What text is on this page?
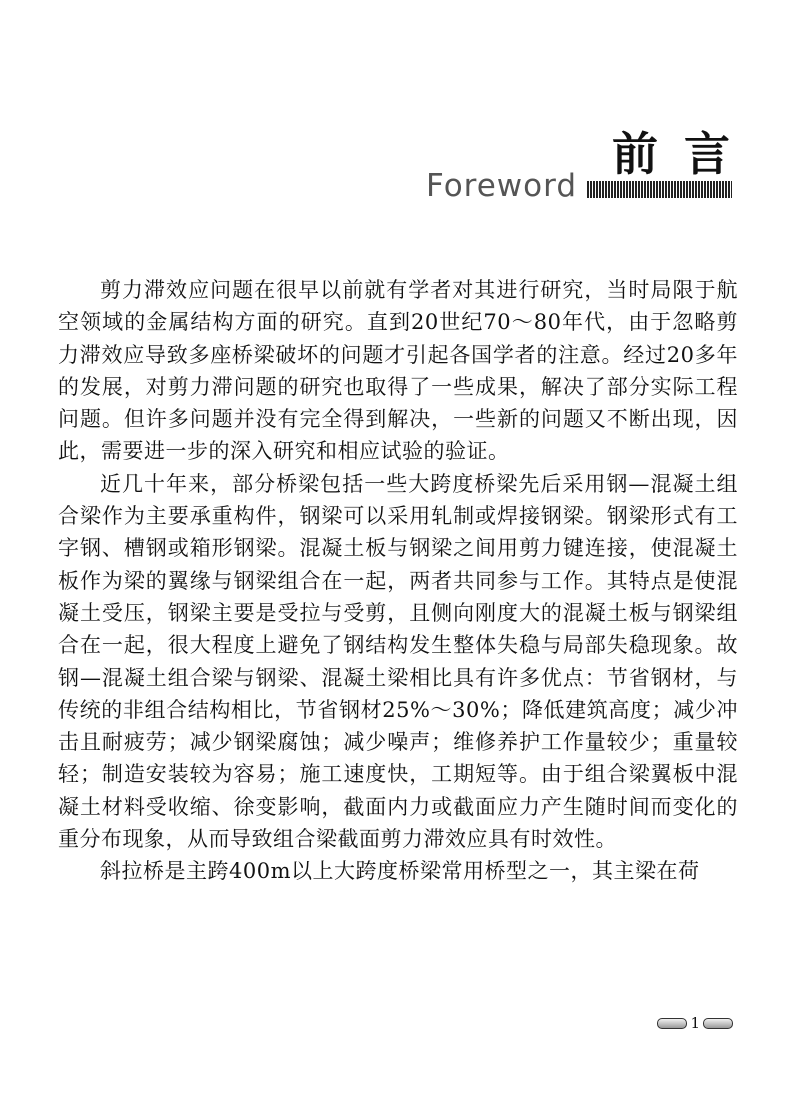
前言
Foreword

剪力滞效应问题在很早以前就有学者对其进行研究，当时局限于航空领域的金属结构方面的研究。直到20世纪70～80年代，由于忽略剪力滞效应导致多座桥梁破坏的问题才引起各国学者的注意。经过20多年的发展，对剪力滞问题的研究也取得了一些成果，解决了部分实际工程问题。但许多问题并没有完全得到解决，一些新的问题又不断出现，因此，需要进一步的深入研究和相应试验的验证。

近几十年来，部分桥梁包括一些大跨度桥梁先后采用钢—混凝土组合梁作为主要承重构件，钢梁可以采用轧制或焊接钢梁。钢梁形式有工字钢、槽钢或箱形钢梁。混凝土板与钢梁之间用剪力键连接，使混凝土板作为梁的翼缘与钢梁组合在一起，两者共同参与工作。其特点是使混凝土受压，钢梁主要是受拉与受剪，且侧向刚度大的混凝土板与钢梁组合在一起，很大程度上避免了钢结构发生整体失稳与局部失稳现象。故钢—混凝土组合梁与钢梁、混凝土梁相比具有许多优点：节省钢材，与传统的非组合结构相比，节省钢材25%～30%；降低建筑高度；减少冲击且耐疲劳；减少钢梁腐蚀；减少噪声；维修养护工作量较少；重量较轻；制造安装较为容易；施工速度快，工期短等。由于组合梁翼板中混凝土材料受收缩、徐变影响，截面内力或截面应力产生随时间而变化的重分布现象，从而导致组合梁截面剪力滞效应具有时效性。

斜拉桥是主跨400m以上大跨度桥梁常用桥型之一，其主梁在荷

1
